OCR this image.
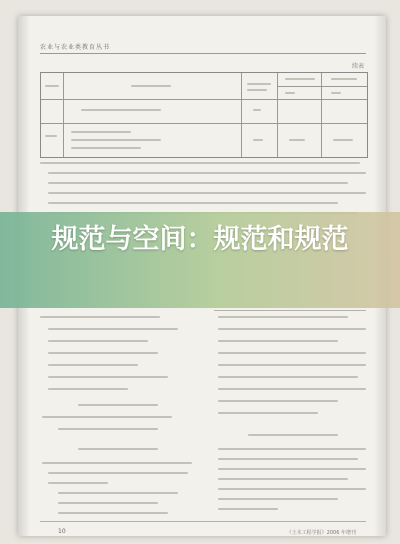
农业与农业类教育丛书
续表
10	《土木工程学报》2006 年增刊
规范与空间：规范和规范
